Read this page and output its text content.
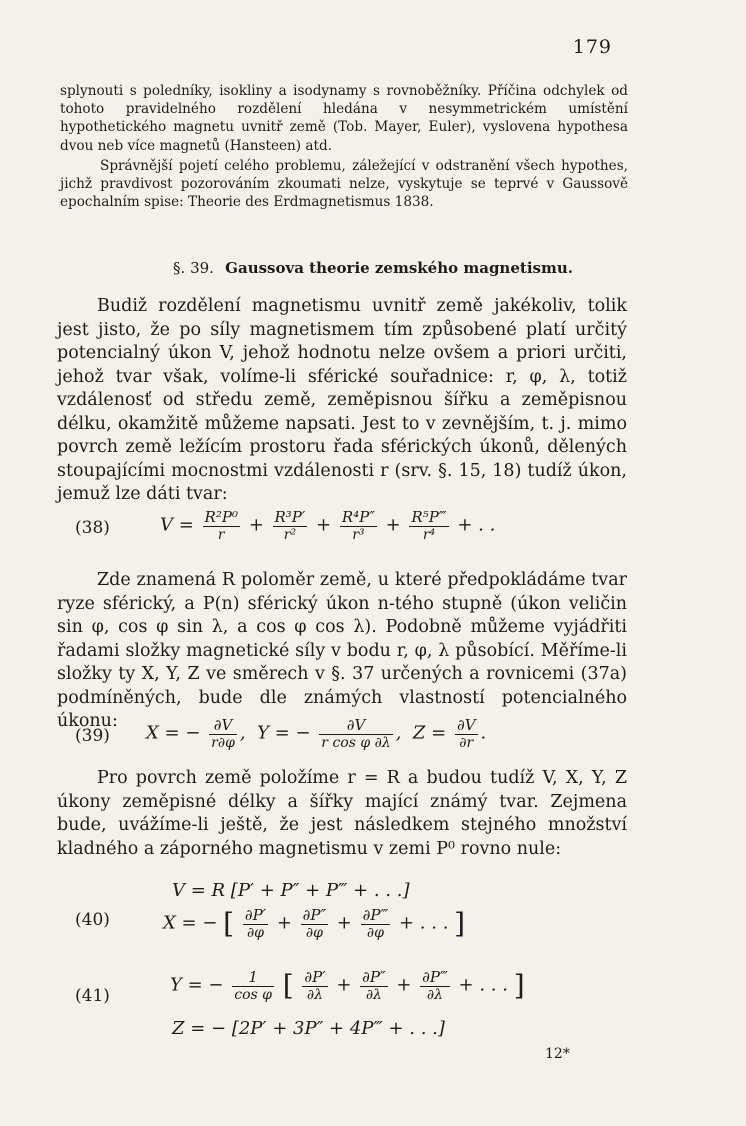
179

splynouti s poledníky, isokliny a isodynamy s rovnoběžníky. Příčina odchylek od tohoto pravidelného rozdělení hledána v nesymmetrickém umístění hypothetického magnetu uvnitř země (Tob. Mayer, Euler), vyslovena hypothesa dvou neb více magnetů (Hansteen) atd.

Správnější pojetí celého problemu, záležející v odstranění všech hypothes, jichž pravdivost pozorováním zkoumati nelze, vyskytuje se teprvé v Gaussově epochalním spise: Theorie des Erdmagnetismus 1838.

§. 39. Gaussova theorie zemského magnetismu.

Budiž rozdělení magnetismu uvnitř země jakékoliv, tolik jest jisto, že po síly magnetismem tím způsobené platí určitý potencialný úkon V, jehož hodnotu nelze ovšem a priori určiti, jehož tvar však, volíme-li sférické souřadnice: r, φ, λ, totiž vzdálenosť od středu země, zeměpisnou šířku a zeměpisnou délku, okamžitě můžeme napsati. Jest to v zevnějším, t. j. mimo povrch země ležícím prostoru řada sférických úkonů, dělených stoupajícími mocnostmi vzdálenosti r (srv. §. 15, 18) tudíž úkon, jemuž lze dáti tvar:

(38)	$V = \frac{\text{R²P⁰}}{r} + \frac{\text{R³P′}}{\text{r²}} + \frac{\text{R⁴P″}}{\text{r³}} + \frac{\text{R⁵P‴}}{\text{r⁴}}$ + . .

Zde znamená R poloměr země, u které předpokládáme tvar ryze sférický, a P(n) sférický úkon n-tého stupně (úkon veličin sin φ, cos φ sin λ, a cos φ cos λ). Podobně můžeme vyjádřiti řadami složky magnetické síly v bodu r, φ, λ působící. Měříme-li složky ty X, Y, Z ve směrech v §. 37 určených a rovnicemi (37a) podmíněných, bude dle známých vlastností potencialného úkonu:

(39) X = − $\frac{\partial V}{r\partial\varphi}$ ,  Y = − $\frac{\partial V}{\text{r cos φ ∂λ}}$ ,  $Z = \frac{\partial V}{\partial r}$ .

Pro povrch země položíme r = R a budou tudíž V, X, Y, Z úkony zeměpisné délky a šířky mající známý tvar. Zejmena bude, uvážíme-li ještě, že jest následkem stejného množství kladného a záporného magnetismu v zemi P⁰ rovno nule:

(40)
V = R [P′ + P″ + P‴ + . . .]
X = − [ $\frac{\partial P'}{\partial\varphi} + \frac{\partial P''}{\partial\varphi} + \frac{\partial P‴}{\partial\varphi}$ + . . . ]
(41)
Y = − $\frac{1}{\text{cos φ}}$ [ $\frac{\partial P'}{\partial\lambda} + \frac{\partial P''}{\partial\lambda} + \frac{\partial P‴}{\partial\lambda}$ + . . . ]
Z = − [2P′ + 3P″ + 4P‴ + . . .]
12*
